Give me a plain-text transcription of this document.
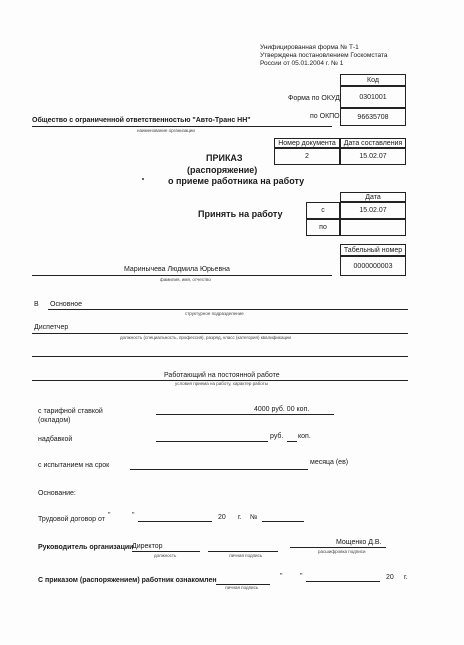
Унифицированная форма № Т-1
Утверждена постановлением Госкомстата
России от 05.01.2004 г. № 1
Код
Форма по ОКУД	0301001
по ОКПО	96635708
Общество с ограниченной ответственностью "Авто-Транс НН"
наименование организации
Номер документа	Дата составления
2	15.02.07
ПРИКАЗ
(распоряжение)
о приеме работника на работу
Дата
Принять на работу	с	15.02.07
по
Табельный номер
0000000003
Маринычева Людмила Юрьевна
фамилия, имя, отчество
В Основное
структурное подразделение
Диспетчер
должность (специальность, профессия), разряд, класс (категория) квалификации
Работающий на постоянной работе
условия приема на работу, характер работы
с тарифной ставкой
(окладом)
4000 руб. 00 коп.
надбавкой	руб. коп.
с испытанием на срок	месяца (ев)
Основание:
Трудовой договор от
"	"	20 г. №
Руководитель организации
Директор
должность	личная подпись
Мощенко Д.В.
расшифровка подписи
С приказом (распоряжением) работник ознакомлен
личная подпись
"	"	20 г.
